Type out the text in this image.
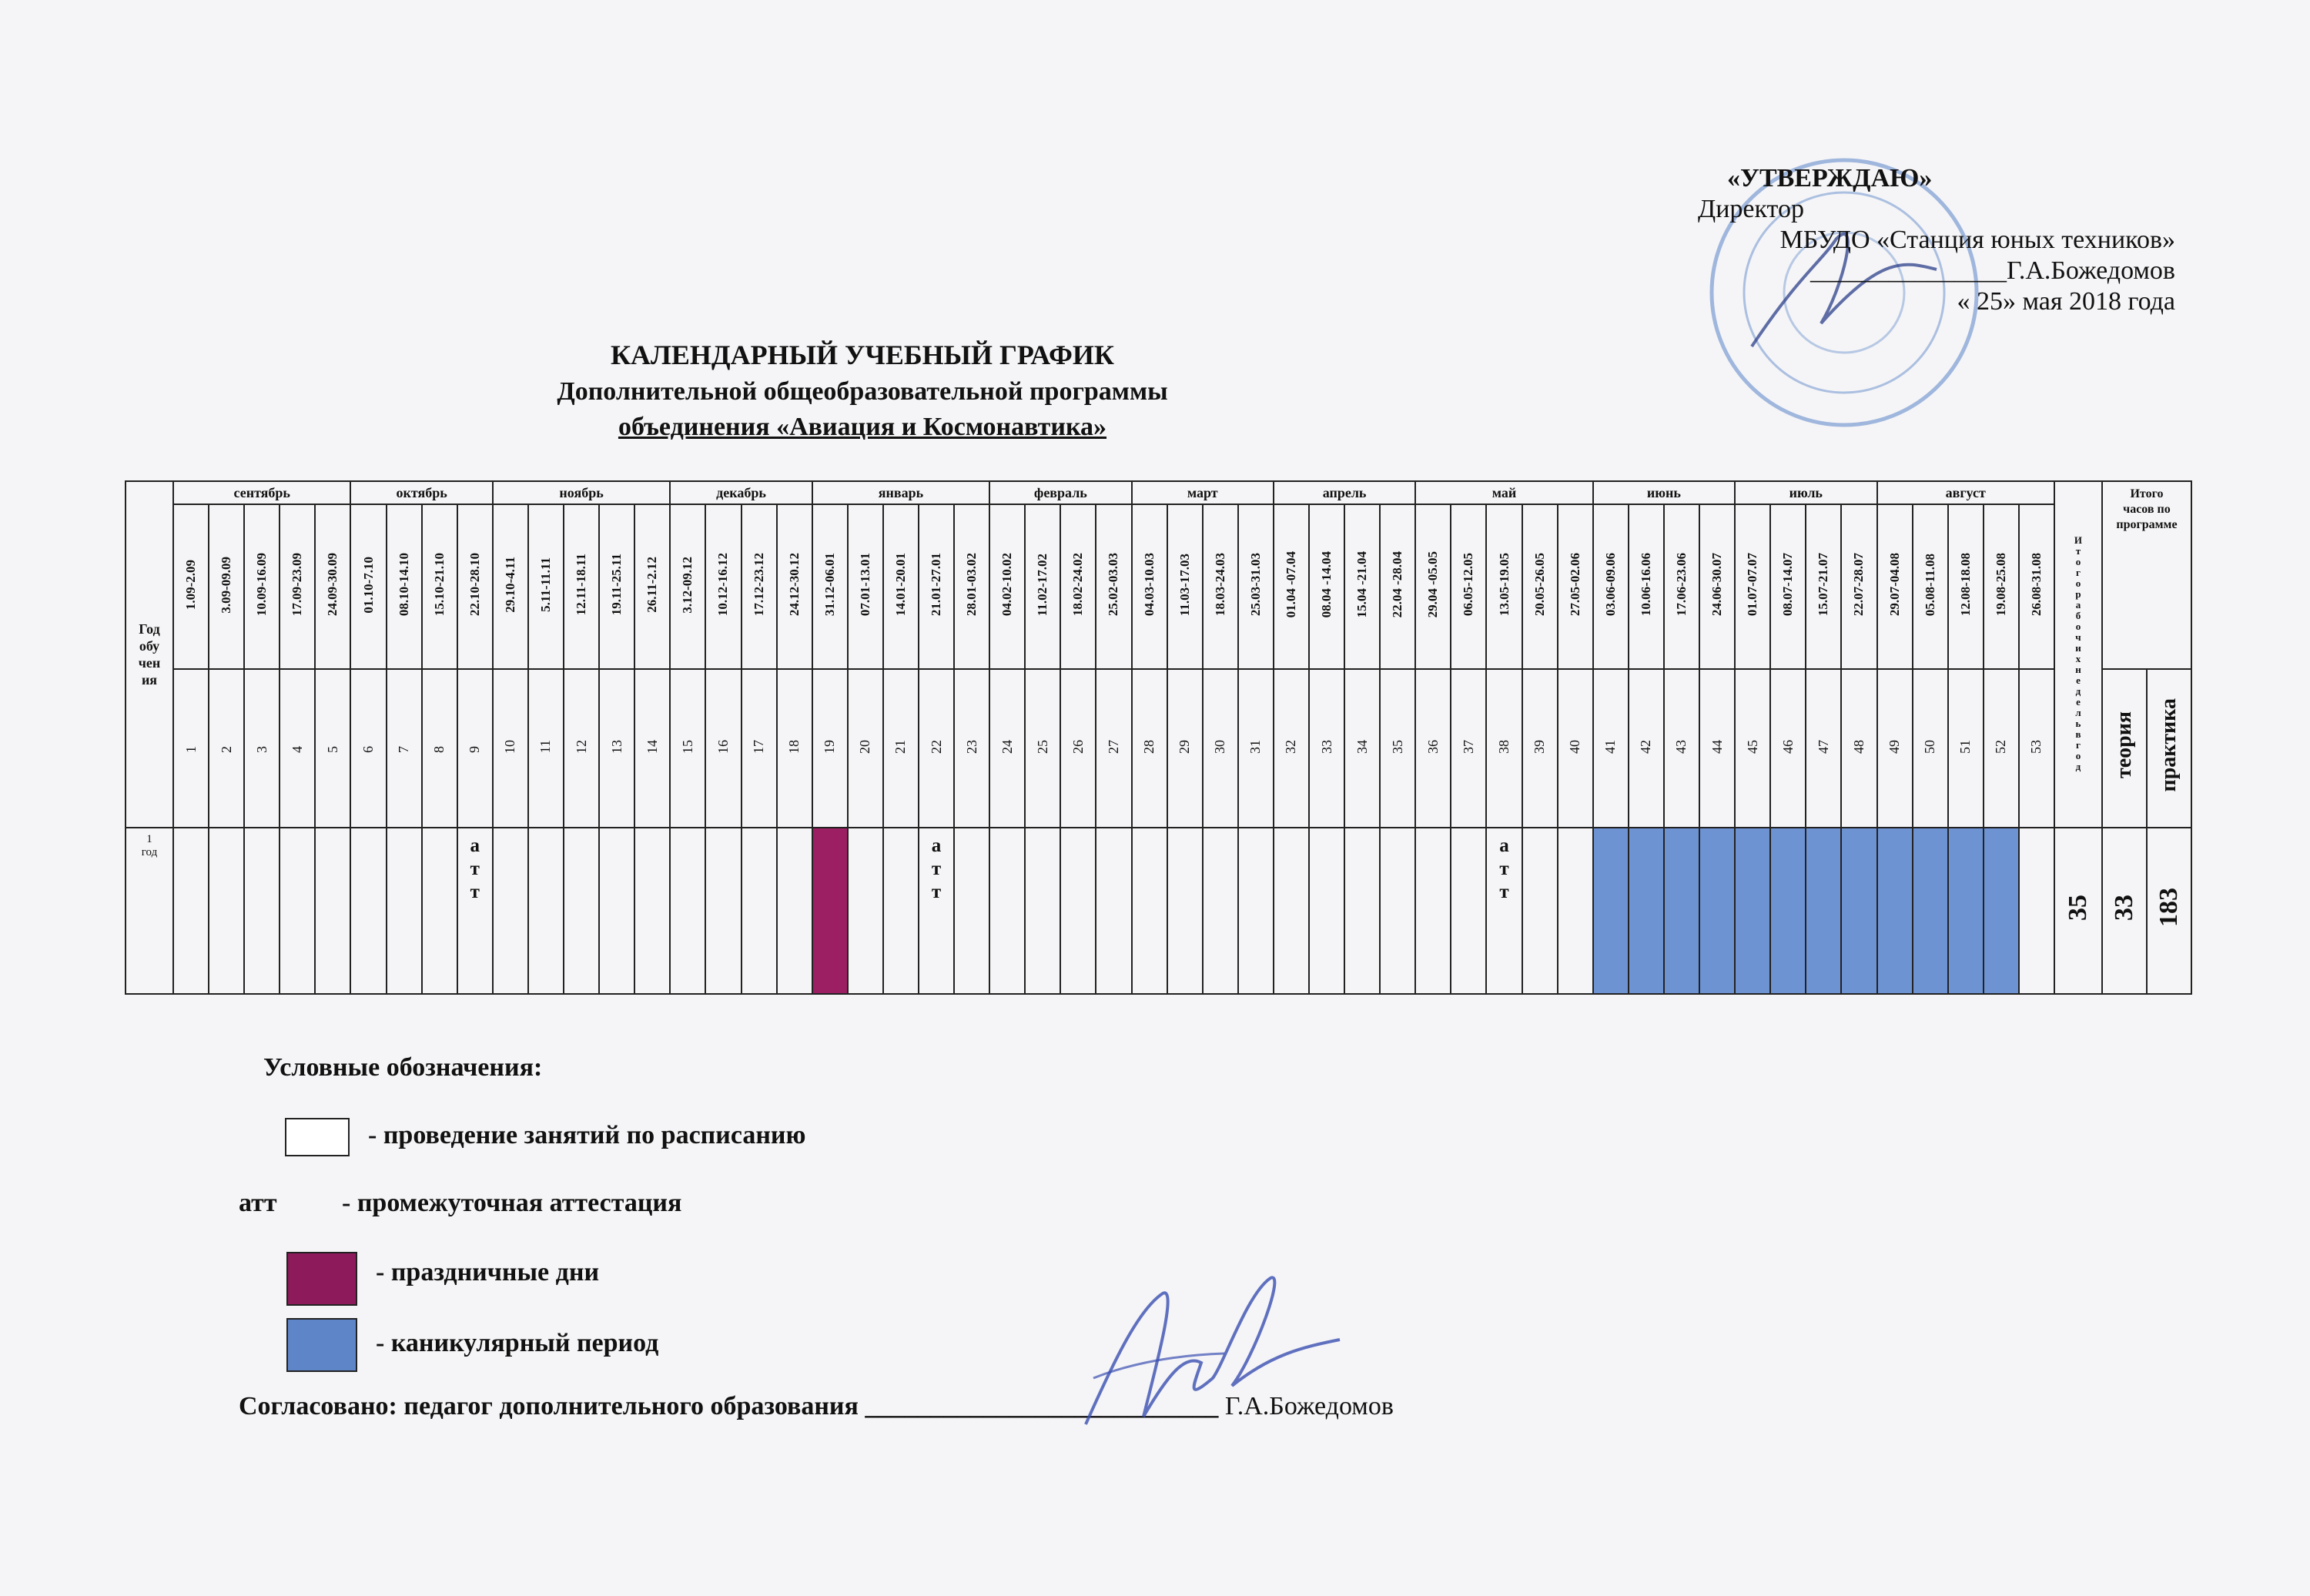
«УТВЕРЖДАЮ»
Директор
МБУДО «Станция юных техников»
_______________Г.А.Божедомов
« 25» мая 2018 года
КАЛЕНДАРНЫЙ УЧЕБНЫЙ ГРАФИК
Дополнительной общеобразовательной программы
объединения «Авиация и Космонавтика»
Год обучения	сентябрь					октябрь				ноябрь					декабрь				январь					февраль				март				апрель				май					июнь				июль				август					Итого рабочих недель в год	Итого часов по программе	
	1.09-2.09	3.09-09.09	10.09-16.09	17.09-23.09	24.09-30.09	01.10-7.10	08.10-14.10	15.10-21.10	22.10-28.10	29.10-4.11	5.11-11.11	12.11-18.11	19.11-25.11	26.11-2.12	3.12-09.12	10.12-16.12	17.12-23.12	24.12-30.12	31.12-06.01	07.01-13.01	14.01-20.01	21.01-27.01	28.01-03.02	04.02-10.02	11.02-17.02	18.02-24.02	25.02-03.03	04.03-10.03	11.03-17.03	18.03-24.03	25.03-31.03	01.04 -07.04	08.04 -14.04	15.04 -21.04	22.04 -28.04	29.04 -05.05	06.05-12.05	13.05-19.05	20.05-26.05	27.05-02.06	03.06-09.06	10.06-16.06	17.06-23.06	24.06-30.07	01.07-07.07	08.07-14.07	15.07-21.07	22.07-28.07	29.07-04.08	05.08-11.08	12.08-18.08	19.08-25.08	26.08-31.08			
	1	2	3	4	5	6	7	8	9	10	11	12	13	14	15	16	17	18	19	20	21	22	23	24	25	26	27	28	29	30	31	32	33	34	35	36	37	38	39	40	41	42	43	44	45	46	47	48	49	50	51	52	53		теория	практика
1 год									а т т													а т т																а т т																35	33	183
Условные обозначения:
- проведение занятий по расписанию
атт - промежуточная аттестация
- праздничные дни
- каникулярный период
Согласовано: педагог дополнительного образования ___________________________ Г.А.Божедомов
